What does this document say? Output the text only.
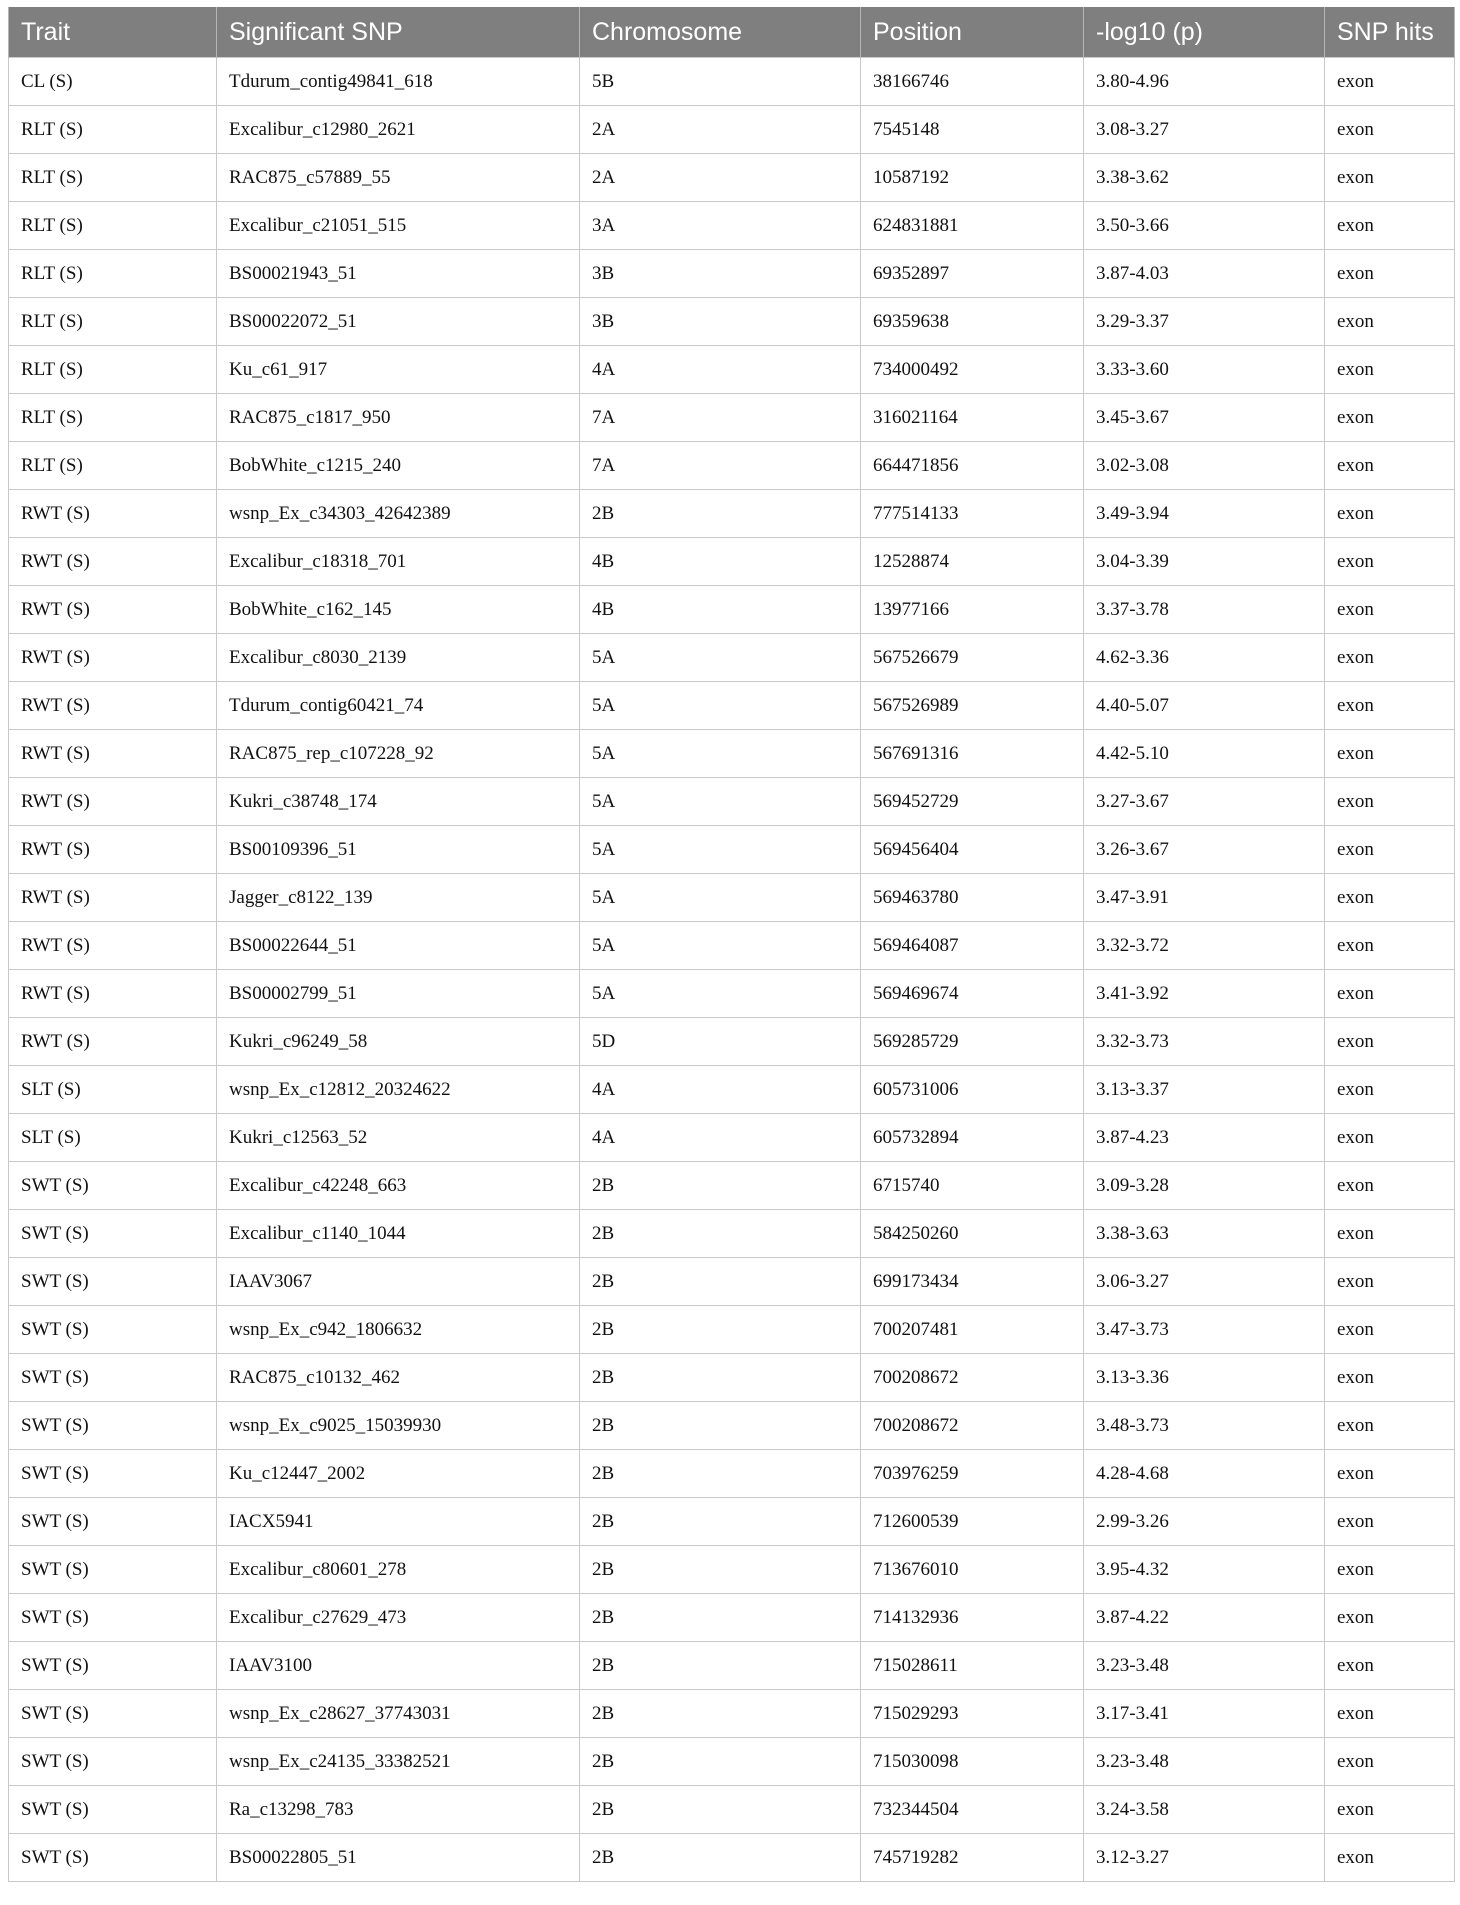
Trait	Significant SNP	Chromosome	Position	-log10 (p)	SNP hits
CL (S)	Tdurum_contig49841_618	5B	38166746	3.80-4.96	exon
RLT (S)	Excalibur_c12980_2621	2A	7545148	3.08-3.27	exon
RLT (S)	RAC875_c57889_55	2A	10587192	3.38-3.62	exon
RLT (S)	Excalibur_c21051_515	3A	624831881	3.50-3.66	exon
RLT (S)	BS00021943_51	3B	69352897	3.87-4.03	exon
RLT (S)	BS00022072_51	3B	69359638	3.29-3.37	exon
RLT (S)	Ku_c61_917	4A	734000492	3.33-3.60	exon
RLT (S)	RAC875_c1817_950	7A	316021164	3.45-3.67	exon
RLT (S)	BobWhite_c1215_240	7A	664471856	3.02-3.08	exon
RWT (S)	wsnp_Ex_c34303_42642389	2B	777514133	3.49-3.94	exon
RWT (S)	Excalibur_c18318_701	4B	12528874	3.04-3.39	exon
RWT (S)	BobWhite_c162_145	4B	13977166	3.37-3.78	exon
RWT (S)	Excalibur_c8030_2139	5A	567526679	4.62-3.36	exon
RWT (S)	Tdurum_contig60421_74	5A	567526989	4.40-5.07	exon
RWT (S)	RAC875_rep_c107228_92	5A	567691316	4.42-5.10	exon
RWT (S)	Kukri_c38748_174	5A	569452729	3.27-3.67	exon
RWT (S)	BS00109396_51	5A	569456404	3.26-3.67	exon
RWT (S)	Jagger_c8122_139	5A	569463780	3.47-3.91	exon
RWT (S)	BS00022644_51	5A	569464087	3.32-3.72	exon
RWT (S)	BS00002799_51	5A	569469674	3.41-3.92	exon
RWT (S)	Kukri_c96249_58	5D	569285729	3.32-3.73	exon
SLT (S)	wsnp_Ex_c12812_20324622	4A	605731006	3.13-3.37	exon
SLT (S)	Kukri_c12563_52	4A	605732894	3.87-4.23	exon
SWT (S)	Excalibur_c42248_663	2B	6715740	3.09-3.28	exon
SWT (S)	Excalibur_c1140_1044	2B	584250260	3.38-3.63	exon
SWT (S)	IAAV3067	2B	699173434	3.06-3.27	exon
SWT (S)	wsnp_Ex_c942_1806632	2B	700207481	3.47-3.73	exon
SWT (S)	RAC875_c10132_462	2B	700208672	3.13-3.36	exon
SWT (S)	wsnp_Ex_c9025_15039930	2B	700208672	3.48-3.73	exon
SWT (S)	Ku_c12447_2002	2B	703976259	4.28-4.68	exon
SWT (S)	IACX5941	2B	712600539	2.99-3.26	exon
SWT (S)	Excalibur_c80601_278	2B	713676010	3.95-4.32	exon
SWT (S)	Excalibur_c27629_473	2B	714132936	3.87-4.22	exon
SWT (S)	IAAV3100	2B	715028611	3.23-3.48	exon
SWT (S)	wsnp_Ex_c28627_37743031	2B	715029293	3.17-3.41	exon
SWT (S)	wsnp_Ex_c24135_33382521	2B	715030098	3.23-3.48	exon
SWT (S)	Ra_c13298_783	2B	732344504	3.24-3.58	exon
SWT (S)	BS00022805_51	2B	745719282	3.12-3.27	exon
